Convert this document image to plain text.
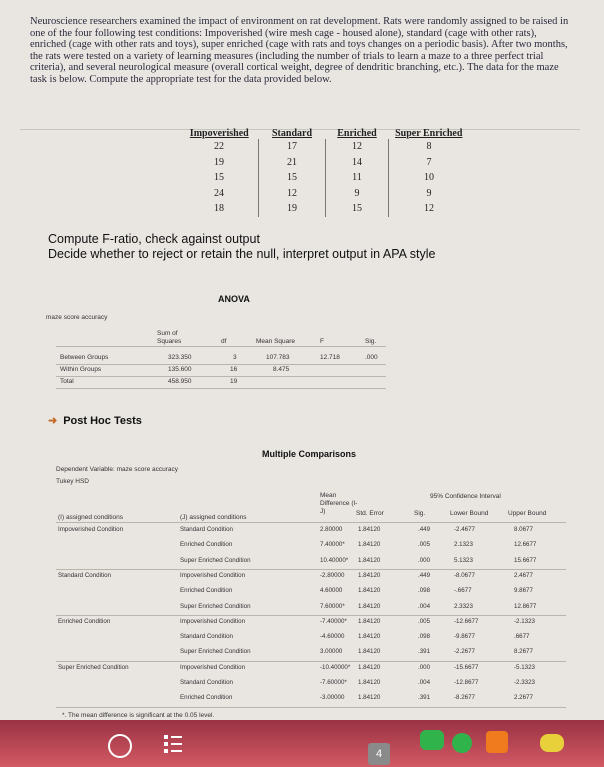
Neuroscience researchers examined the impact of environment on rat development. Rats were randomly assigned to be raised in one of the four following test conditions: Impoverished (wire mesh cage - housed alone), standard (cage with other rats), enriched (cage with other rats and toys), super enriched (cage with rats and toys changes on a periodic basis). After two months, the rats were tested on a variety of learning measures (including the number of trials to learn a maze to a three perfect trial criteria), and several neurological measure (overall cortical weight, degree of dendritic branching, etc.). The data for the maze task is below. Compute the appropriate test for the data provided below.
Impoverished	Standard	Enriched	Super Enriched
22	17	12	8
19	21	14	7
15	15	11	10
24	12	9	9
18	19	15	12
Compute F-ratio, check against output
Decide whether to reject or retain the null, interpret output in APA style
ANOVA
maze score accuracy
Sum of Squares	df	Mean Square	F	Sig.
Between Groups	323.350	3	107.783	12.718	.000
Within Groups	135.600	16	8.475
Total	458.950	19
➜ Post Hoc Tests
Multiple Comparisons
Dependent Variable: maze score accuracy
Tukey HSD
95% Confidence Interval
Mean Difference (I-J)
(I) assigned conditions	(J) assigned conditions
Std. Error	Sig.	Lower Bound	Upper Bound
Impoverished Condition	Standard Condition	2.80000	1.84120	.449	-2.4677	8.0677
Enriched Condition	7.40000* 1.84120	.005	2.1323	12.6677
Super Enriched Condition	10.40000* 1.84120	.000	5.1323	15.6677
Standard Condition	Impoverished Condition	-2.80000 1.84120	.449	-8.0677	2.4677
Enriched Condition	4.60000	1.84120	.098	-.6677	9.8677
Super Enriched Condition	7.60000* 1.84120	.004	2.3323	12.8677
Enriched Condition	Impoverished Condition	-7.40000* 1.84120	.005	-12.6677	-2.1323
Standard Condition	-4.60000 1.84120	.098	-9.8677	.6677
Super Enriched Condition	3.00000	1.84120	.391	-2.2677	8.2677
Super Enriched Condition	Impoverished Condition	-10.40000* 1.84120	.000	-15.6677	-5.1323
Standard Condition	-7.60000* 1.84120	.004	-12.8677	-2.3323
Enriched Condition	-3.00000 1.84120	.391	-8.2677	2.2677
*. The mean difference is significant at the 0.05 level.
4
